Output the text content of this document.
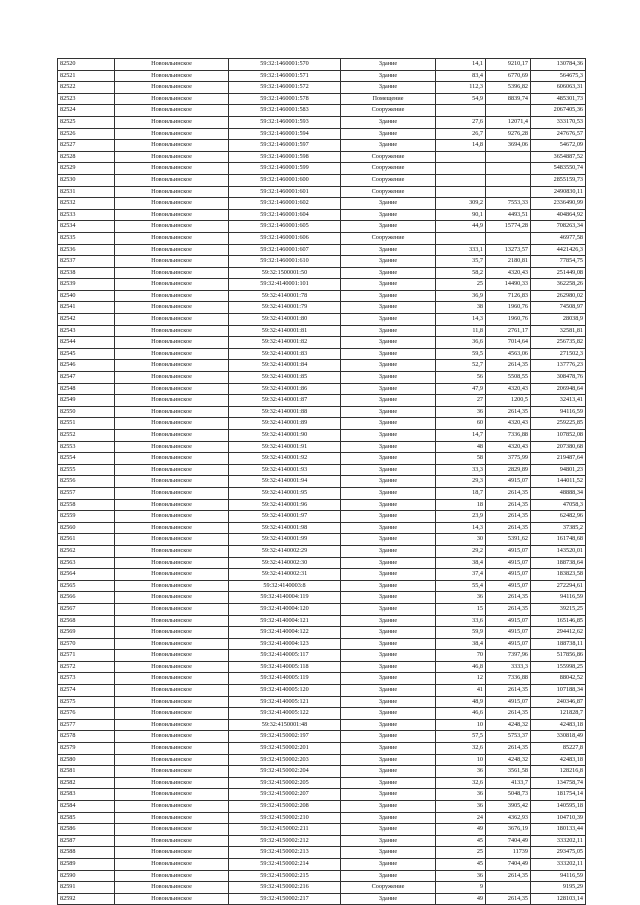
82520	Новоильинское	59:32:1460001:570	Здание	14,1	9210,17	130784,36
82521	Новоильинское	59:32:1460001:571	Здание	83,4	6770,69	564675,3
82522	Новоильинское	59:32:1460001:572	Здание	112,3	5396,82	606063,31
82523	Новоильинское	59:32:1460001:578	Помещение	54,9	8839,74	485301,73
82524	Новоильинское	59:32:1460001:583	Сооружение			2067405,36
82525	Новоильинское	59:32:1460001:593	Здание	27,6	12071,4	333170,53
82526	Новоильинское	59:32:1460001:594	Здание	26,7	9276,28	247676,57
82527	Новоильинское	59:32:1460001:597	Здание	14,8	3694,06	54672,09
82528	Новоильинское	59:32:1460001:598	Сооружение			3654887,52
82529	Новоильинское	59:32:1460001:599	Сооружение			5483550,74
82530	Новоильинское	59:32:1460001:600	Сооружение			2855159,73
82531	Новоильинское	59:32:1460001:601	Сооружение			2490830,11
82532	Новоильинское	59:32:1460001:602	Здание	309,2	7553,33	2336490,99
82533	Новоильинское	59:32:1460001:604	Здание	90,1	4493,51	404864,92
82534	Новоильинское	59:32:1460001:605	Здание	44,9	15774,28	708263,34
82535	Новоильинское	59:32:1460001:606	Сооружение			46977,58
82536	Новоильинское	59:32:1460001:607	Здание	333,1	13273,57	4421426,3
82537	Новоильинское	59:32:1460001:610	Здание	35,7	2180,81	77854,75
82538	Новоильинское	59:32:1500001:50	Здание	58,2	4320,43	251449,08
82539	Новоильинское	59:32:4140001:101	Здание	25	14490,33	362258,26
82540	Новоильинское	59:32:4140001:78	Здание	36,9	7126,83	262980,02
82541	Новоильинское	59:32:4140001:79	Здание	38	1960,76	74508,97
82542	Новоильинское	59:32:4140001:80	Здание	14,3	1960,76	28038,9
82543	Новоильинское	59:32:4140001:81	Здание	11,8	2761,17	32581,81
82544	Новоильинское	59:32:4140001:82	Здание	36,6	7014,64	256735,82
82545	Новоильинское	59:32:4140001:83	Здание	59,5	4563,06	271502,3
82546	Новоильинское	59:32:4140001:84	Здание	52,7	2614,35	137776,23
82547	Новоильинское	59:32:4140001:85	Здание	56	5508,55	308478,76
82548	Новоильинское	59:32:4140001:86	Здание	47,9	4320,43	206948,64
82549	Новоильинское	59:32:4140001:87	Здание	27	1200,5	32413,41
82550	Новоильинское	59:32:4140001:88	Здание	36	2614,35	94116,59
82551	Новоильинское	59:32:4140001:89	Здание	60	4320,43	259225,85
82552	Новоильинское	59:32:4140001:90	Здание	14,7	7336,88	107852,08
82553	Новоильинское	59:32:4140001:91	Здание	48	4320,43	207380,68
82554	Новоильинское	59:32:4140001:92	Здание	58	3775,99	219487,64
82555	Новоильинское	59:32:4140001:93	Здание	33,3	2829,89	94801,23
82556	Новоильинское	59:32:4140001:94	Здание	29,3	4915,07	144011,52
82557	Новоильинское	59:32:4140001:95	Здание	18,7	2614,35	48888,34
82558	Новоильинское	59:32:4140001:96	Здание	18	2614,35	47058,3
82559	Новоильинское	59:32:4140001:97	Здание	23,9	2614,35	62482,96
82560	Новоильинское	59:32:4140001:98	Здание	14,3	2614,35	37385,2
82561	Новоильинское	59:32:4140001:99	Здание	30	5391,62	161748,68
82562	Новоильинское	59:32:4140002:29	Здание	29,2	4915,07	143520,01
82563	Новоильинское	59:32:4140002:30	Здание	38,4	4915,07	188738,64
82564	Новоильинское	59:32:4140002:31	Здание	37,4	4915,07	183823,58
82565	Новоильинское	59:32:4140003:8	Здание	55,4	4915,07	272294,61
82566	Новоильинское	59:32:4140004:119	Здание	36	2614,35	94116,59
82567	Новоильинское	59:32:4140004:120	Здание	15	2614,35	39215,25
82568	Новоильинское	59:32:4140004:121	Здание	33,6	4915,07	165146,85
82569	Новоильинское	59:32:4140004:122	Здание	59,9	4915,07	294412,62
82570	Новоильинское	59:32:4140004:123	Здание	38,4	4915,07	188738,11
82571	Новоильинское	59:32:4140005:117	Здание	70	7397,96	517856,86
82572	Новоильинское	59:32:4140005:118	Здание	46,8	3333,3	155998,25
82573	Новоильинское	59:32:4140005:119	Здание	12	7336,88	88042,52
82574	Новоильинское	59:32:4140005:120	Здание	41	2614,35	107188,34
82575	Новоильинское	59:32:4140005:121	Здание	48,9	4915,07	240346,87
82576	Новоильинское	59:32:4140005:122	Здание	46,6	2614,35	121828,7
82577	Новоильинское	59:32:4150001:48	Здание	10	4248,32	42483,18
82578	Новоильинское	59:32:4150002:197	Здание	57,5	5753,37	330818,49
82579	Новоильинское	59:32:4150002:201	Здание	32,6	2614,35	85227,8
82580	Новоильинское	59:32:4150002:203	Здание	10	4248,32	42483,18
82581	Новоильинское	59:32:4150002:204	Здание	36	3561,58	128216,8
82582	Новоильинское	59:32:4150002:205	Здание	32,6	4133,7	134758,74
82583	Новоильинское	59:32:4150002:207	Здание	36	5048,73	181754,14
82584	Новоильинское	59:32:4150002:208	Здание	36	3905,42	140595,18
82585	Новоильинское	59:32:4150002:210	Здание	24	4362,93	104710,39
82586	Новоильинское	59:32:4150002:211	Здание	49	3676,19	180133,44
82587	Новоильинское	59:32:4150002:212	Здание	45	7404,49	333202,11
82588	Новоильинское	59:32:4150002:213	Здание	25	11739	293475,05
82589	Новоильинское	59:32:4150002:214	Здание	45	7404,49	333202,11
82590	Новоильинское	59:32:4150002:215	Здание	36	2614,35	94116,59
82591	Новоильинское	59:32:4150002:216	Сооружение	9		9195,29
82592	Новоильинское	59:32:4150002:217	Здание	49	2614,35	128103,14
